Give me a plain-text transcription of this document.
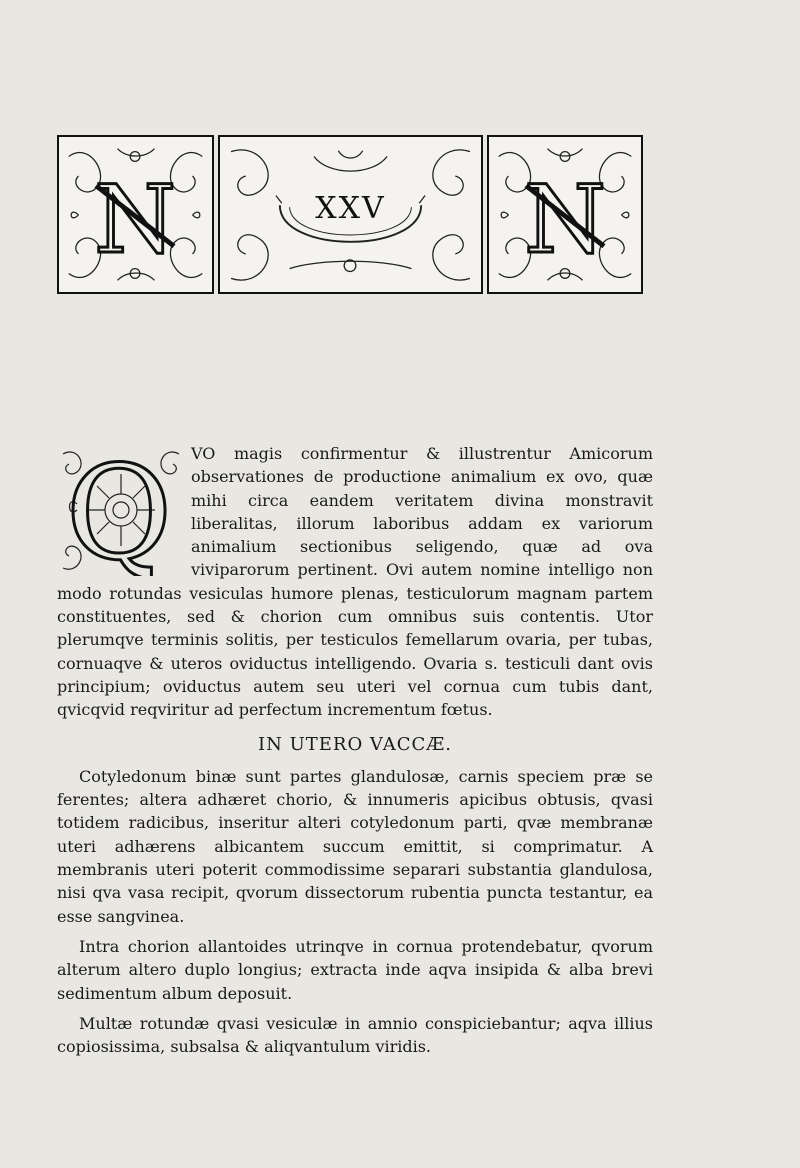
N	XXV	N
Q	VO magis confirmentur & illustrentur Amicorum observationes de productione animalium ex ovo, quæ mihi circa eandem veritatem divina monstravit liberalitas, illorum laboribus addam ex variorum animalium sectionibus seligendo, quæ ad ova viviparorum pertinent. Ovi autem nomine intelligo non modo rotundas vesiculas humore plenas, testiculorum magnam partem constituentes, sed & chorion cum omnibus suis contentis. Utor plerumqve terminis solitis, per testiculos femellarum ovaria, per tubas, cornuaqve & uteros oviductus intelligendo. Ovaria s. testiculi dant ovis principium; oviductus autem seu uteri vel cornua cum tubis dant, qvicqvid reqviritur ad perfectum incrementum fœtus.

IN UTERO VACCÆ.

Cotyledonum binæ sunt partes glandulosæ, carnis speciem præ se ferentes; altera adhæret chorio, & innumeris apicibus obtusis, qvasi totidem radicibus, inseritur alteri cotyledonum parti, qvæ membranæ uteri adhærens albicantem succum emittit, si comprimatur. A membranis uteri poterit commodissime separari substantia glandulosa, nisi qva vasa recipit, qvorum dissectorum rubentia puncta testantur, ea esse sangvinea.

Intra chorion allantoides utrinqve in cornua protendebatur, qvorum alterum altero duplo longius; extracta inde aqva insipida & alba brevi sedimentum album deposuit.

Multæ rotundæ qvasi vesiculæ in amnio conspiciebantur; aqva illius copiosissima, subsalsa & aliqvantulum viridis.
